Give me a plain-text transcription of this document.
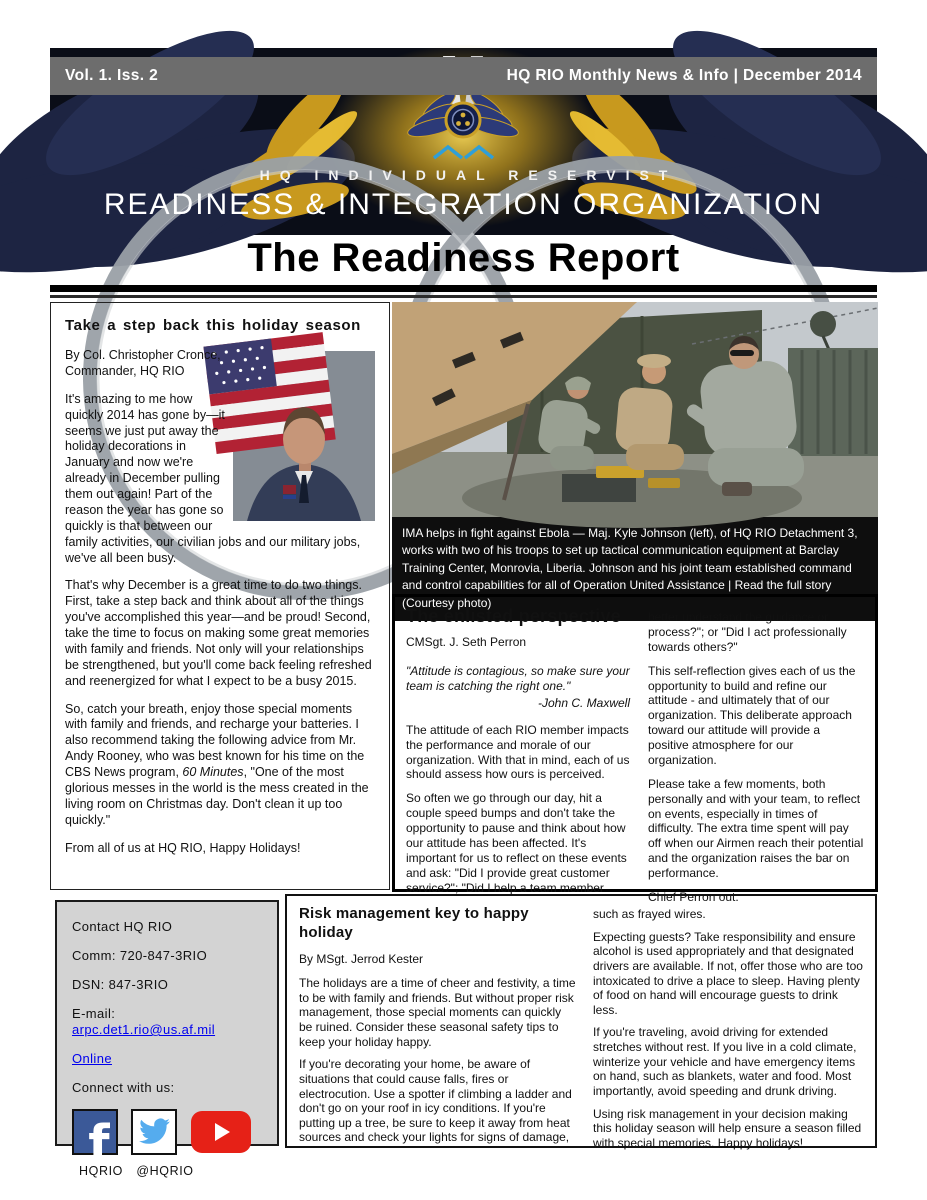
Vol. 1. Iss. 2	HQ RIO Monthly News & Info | December 2014
HQ INDIVIDUAL RESERVIST
READINESS & INTEGRATION ORGANIZATION
The Readiness Report
Take a step back this holiday season

By Col. Christopher Cronce, Commander, HQ RIO

It's amazing to me how quickly 2014 has gone by—it seems we just put away the holiday decorations in January and now we're already in December pulling them out again! Part of the reason the year has gone so quickly is that between our family activities, our civilian jobs and our military jobs, we've all been busy.

That's why December is a great time to do two things. First, take a step back and think about all of the things you've accomplished this year—and be proud! Second, take the time to focus on making some great memories with family and friends. Not only will your relationships be strengthened, but you'll come back feeling refreshed and reenergized for what I expect to be a busy 2015.

So, catch your breath, enjoy those special moments with family and friends, and recharge your batteries. I also recommend taking the following advice from Mr. Andy Rooney, who was best known for his time on the CBS News program, 60 Minutes, "One of the most glorious messes in the world is the mess created in the living room on Christmas day. Don't clean it up too quickly."

From all of us at HQ RIO, Happy Holidays!

IMA helps in fight against Ebola — Maj. Kyle Johnson (left), of HQ RIO Detachment 3, works with two of his troops to set up tactical communication equipment at Barclay Training Center, Monrovia, Liberia. Johnson and his joint team established command and control capabilities for all of Operation United Assistance | Read the full story (Courtesy photo)
The enlisted perspective
CMSgt. J. Seth Perron
"Attitude is contagious, so make sure your team is catching the right one."
-John C. Maxwell

The attitude of each RIO member impacts the performance and morale of our organization. With that in mind, each of us should assess how ours is perceived.

So often we go through our day, hit a couple speed bumps and don't take the opportunity to pause and think about how our attitude has been affected. It's important for us to reflect on these events and ask: "Did I provide great customer service?"; "Did I help a team member

better understand the guidance or process?"; or "Did I act professionally towards others?"

This self-reflection gives each of us the opportunity to build and refine our attitude - and ultimately that of our organization. This deliberate approach toward our attitude will provide a positive atmosphere for our organization.

Please take a few moments, both personally and with your team, to reflect on events, especially in times of difficulty. The extra time spent will pay off when our Airmen reach their potential and the organization raises the bar on performance.

Chief Perron out.

Contact HQ RIO
Comm: 720-847-3RIO
DSN: 847-3RIO
E-mail: arpc.det1.rio@us.af.mil
Online
Connect with us:
f
HQRIO	@HQRIO
Risk management key to happy holiday
By MSgt. Jerrod Kester

The holidays are a time of cheer and festivity, a time to be with family and friends. But without proper risk management, those special moments can quickly be ruined. Consider these seasonal safety tips to keep your holiday happy.

If you're decorating your home, be aware of situations that could cause falls, fires or electrocution. Use a spotter if climbing a ladder and don't go on your roof in icy conditions. If you're putting up a tree, be sure to keep it away from heat sources and check your lights for signs of damage,

such as frayed wires.

Expecting guests? Take responsibility and ensure alcohol is used appropriately and that designated drivers are available. If not, offer those who are too intoxicated to drive a place to sleep. Having plenty of food on hand will encourage guests to drink less.

If you're traveling, avoid driving for extended stretches without rest. If you live in a cold climate, winterize your vehicle and have emergency items on hand, such as blankets, water and food. Most importantly, avoid speeding and drunk driving.

Using risk management in your decision making this holiday season will help ensure a season filled with special memories. Happy holidays!
